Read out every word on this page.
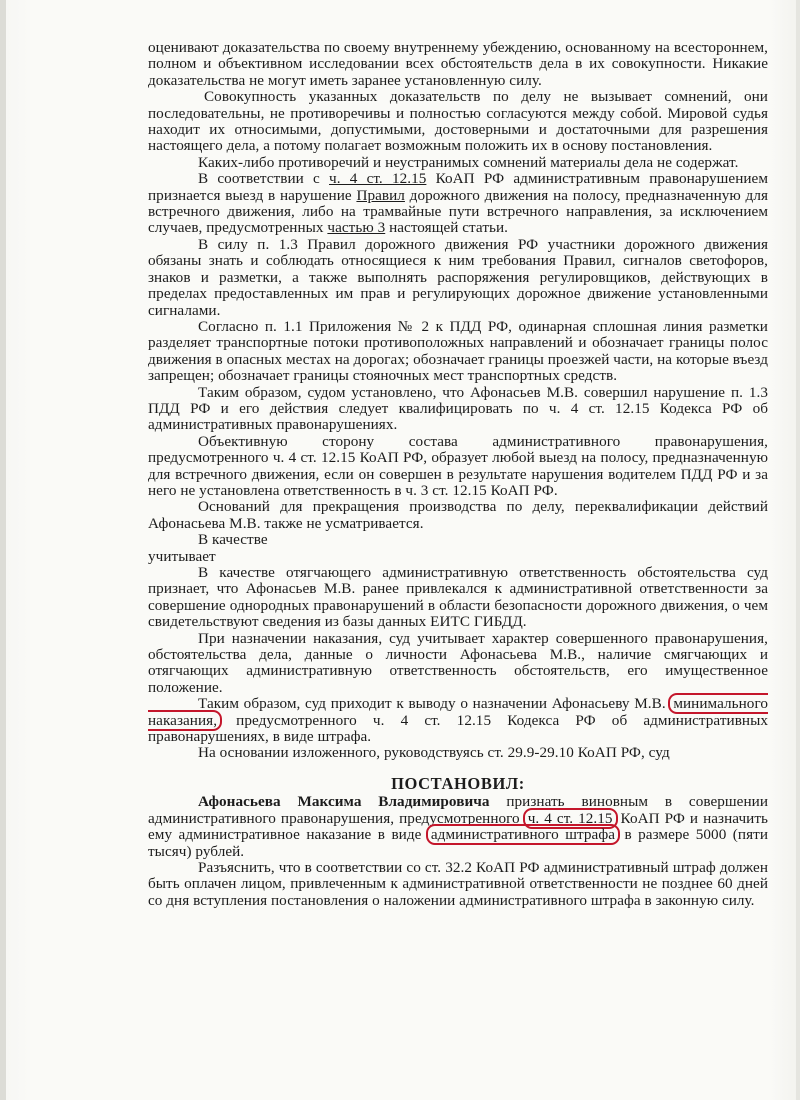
оценивают доказательства по своему внутреннему убеждению, основанному на всестороннем, полном и объективном исследовании всех обстоятельств дела в их совокупности. Никакие доказательства не могут иметь заранее установленную силу.

Совокупность указанных доказательств по делу не вызывает сомнений, они последовательны, не противоречивы и полностью согласуются между собой. Мировой судья находит их относимыми, допустимыми, достоверными и достаточными для разрешения настоящего дела, а потому полагает возможным положить их в основу постановления.

Каких-либо противоречий и неустранимых сомнений материалы дела не содержат.

В соответствии с ч. 4 ст. 12.15 КоАП РФ административным правонарушением признается выезд в нарушение Правил дорожного движения на полосу, предназначенную для встречного движения, либо на трамвайные пути встречного направления, за исключением случаев, предусмотренных частью 3 настоящей статьи.

В силу п. 1.3 Правил дорожного движения РФ участники дорожного движения обязаны знать и соблюдать относящиеся к ним требования Правил, сигналов светофоров, знаков и разметки, а также выполнять распоряжения регулировщиков, действующих в пределах предоставленных им прав и регулирующих дорожное движение установленными сигналами.

Согласно п. 1.1 Приложения № 2 к ПДД РФ, одинарная сплошная линия разметки разделяет транспортные потоки противоположных направлений и обозначает границы полос движения в опасных местах на дорогах; обозначает границы проезжей части, на которые въезд запрещен; обозначает границы стояночных мест транспортных средств.

Таким образом, судом установлено, что Афонасьев М.В. совершил нарушение п. 1.3 ПДД РФ и его действия следует квалифицировать по ч. 4 ст. 12.15 Кодекса РФ об административных правонарушениях.

Объективную сторону состава административного правонарушения, предусмотренного ч. 4 ст. 12.15 КоАП РФ, образует любой выезд на полосу, предназначенную для встречного движения, если он совершен в результате нарушения водителем ПДД РФ и за него не установлена ответственность в ч. 3 ст. 12.15 КоАП РФ.

Оснований для прекращения производства по делу, переквалификации действий Афонасьева М.В. также не усматривается.

В качестве

учитывает

В качестве отягчающего административную ответственность обстоятельства суд признает, что Афонасьев М.В. ранее привлекался к административной ответственности за совершение однородных правонарушений в области безопасности дорожного движения, о чем свидетельствуют сведения из базы данных ЕИТС ГИБДД.

При назначении наказания, суд учитывает характер совершенного правонарушения, обстоятельства дела, данные о личности Афонасьева М.В., наличие смягчающих и отягчающих административную ответственность обстоятельств, его имущественное положение.

Таким образом, суд приходит к выводу о назначении Афонасьеву М.В. минимального наказания, предусмотренного ч. 4 ст. 12.15 Кодекса РФ об административных правонарушениях, в виде штрафа.

На основании изложенного, руководствуясь ст. 29.9-29.10 КоАП РФ, суд

ПОСТАНОВИЛ:

Афонасьева Максима Владимировича признать виновным в совершении административного правонарушения, предусмотренного ч. 4 ст. 12.15 КоАП РФ и назначить ему административное наказание в виде административного штрафа в размере 5000 (пяти тысяч) рублей.

Разъяснить, что в соответствии со ст. 32.2 КоАП РФ административный штраф должен быть оплачен лицом, привлеченным к административной ответственности не позднее 60 дней со дня вступления постановления о наложении административного штрафа в законную силу.
